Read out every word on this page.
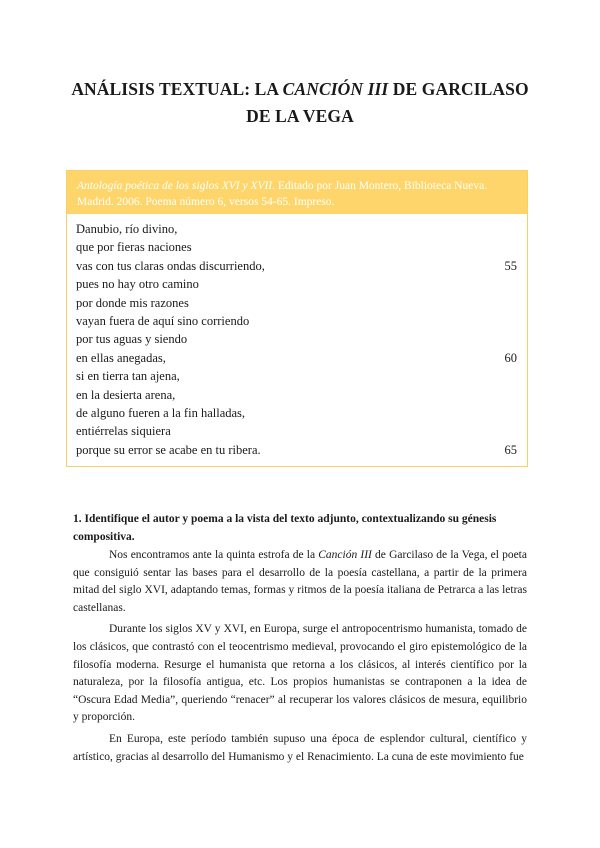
ANÁLISIS TEXTUAL: LA CANCIÓN III DE GARCILASO DE LA VEGA
Antología poética de los siglos XVI y XVII. Editado por Juan Montero, Biblioteca Nueva. Madrid. 2006. Poema número 6, versos 54-65. Impreso.
Danubio, río divino,
que por fieras naciones
vas con tus claras ondas discurriendo,	55
pues no hay otro camino
por donde mis razones
vayan fuera de aquí sino corriendo
por tus aguas y siendo
en ellas anegadas,	60
si en tierra tan ajena,
en la desierta arena,
de alguno fueren a la fin halladas,
entiérrelas siquiera
porque su error se acabe en tu ribera.	65

1. Identifique el autor y poema a la vista del texto adjunto, contextualizando su génesis compositiva.

Nos encontramos ante la quinta estrofa de la Canción III de Garcilaso de la Vega, el poeta que consiguió sentar las bases para el desarrollo de la poesía castellana, a partir de la primera mitad del siglo XVI, adaptando temas, formas y ritmos de la poesía italiana de Petrarca a las letras castellanas.

Durante los siglos XV y XVI, en Europa, surge el antropocentrismo humanista, tomado de los clásicos, que contrastó con el teocentrismo medieval, provocando el giro epistemológico de la filosofía moderna. Resurge el humanista que retorna a los clásicos, al interés científico por la naturaleza, por la filosofía antigua, etc. Los propios humanistas se contraponen a la idea de “Oscura Edad Media”, queriendo “renacer” al recuperar los valores clásicos de mesura, equilibrio y proporción.

En Europa, este período también supuso una época de esplendor cultural, científico y artístico, gracias al desarrollo del Humanismo y el Renacimiento. La cuna de este movimiento fue
